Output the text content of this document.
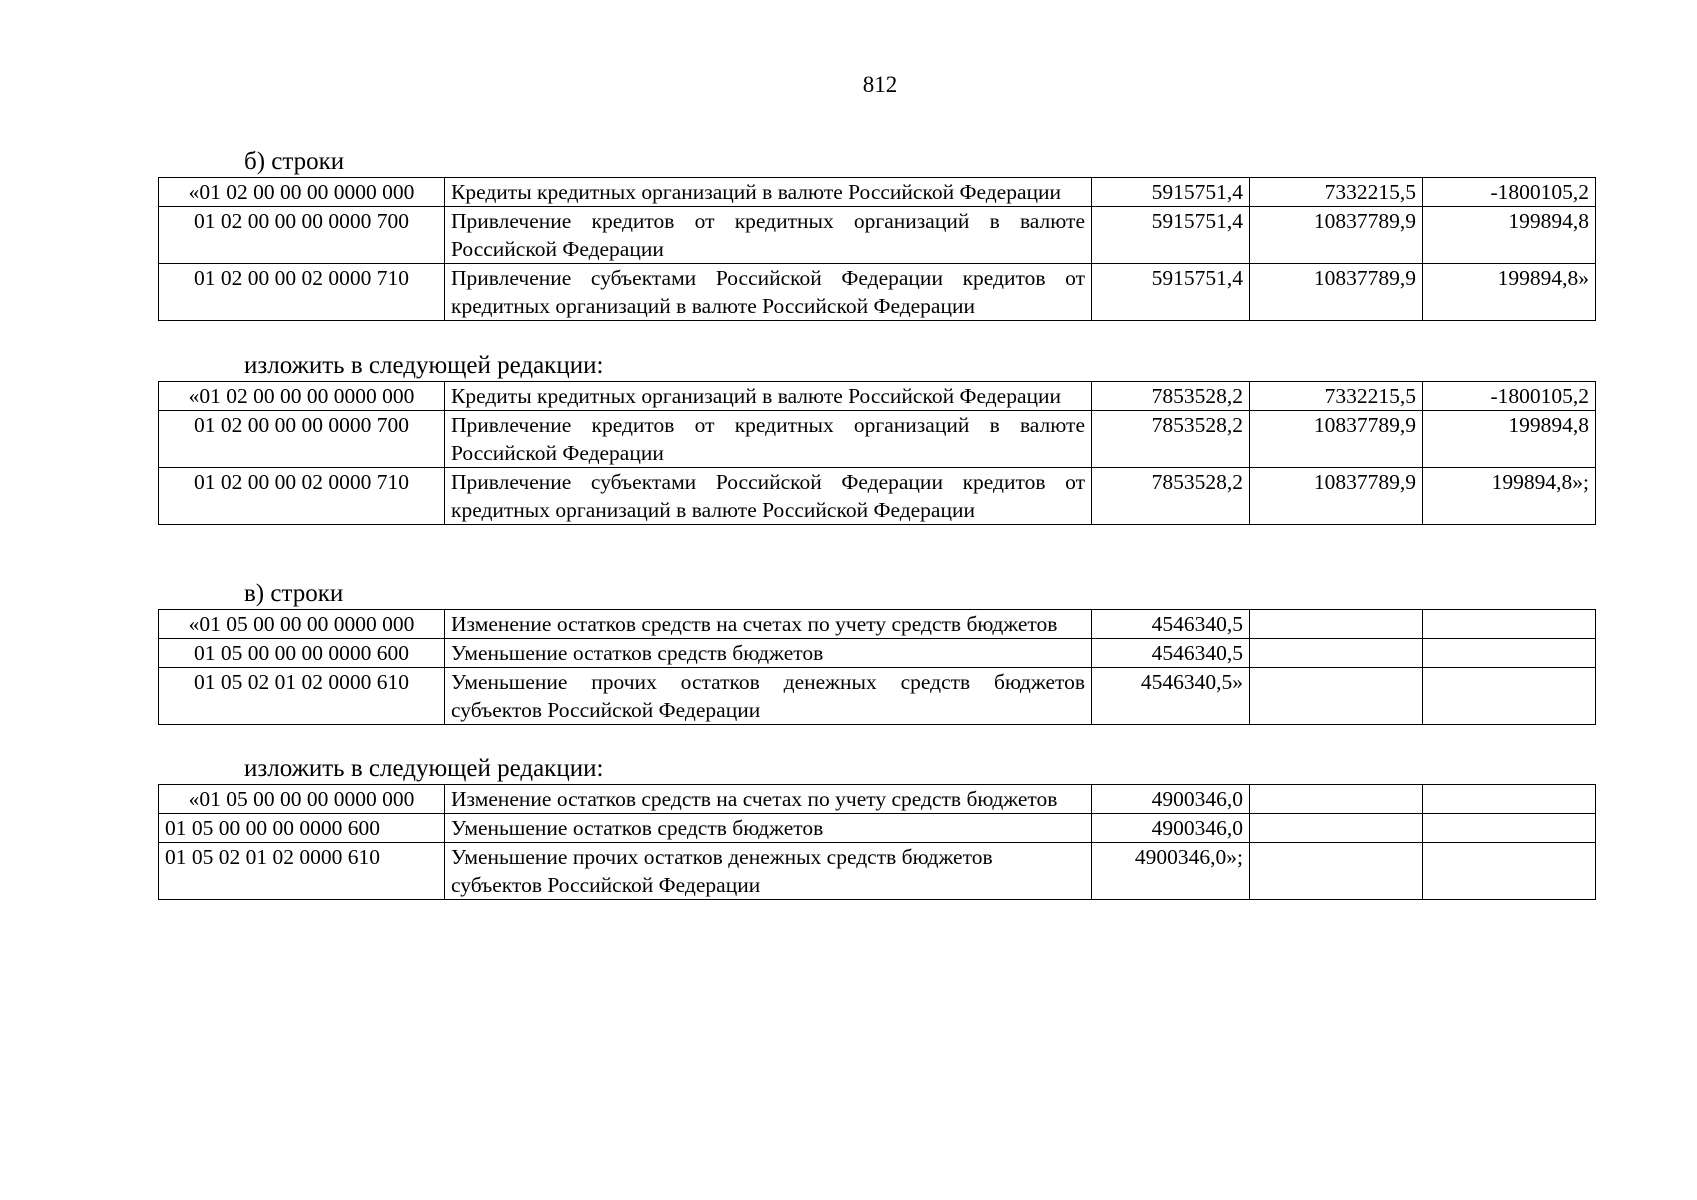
812
б) строки
«01 02 00 00 00 0000 000	Кредиты кредитных организаций в валюте Российской Федерации	5915751,4	7332215,5	-1800105,2
01 02 00 00 00 0000 700	Привлечение кредитов от кредитных организаций в валюте Российской Федерации	5915751,4	10837789,9	199894,8
01 02 00 00 02 0000 710	Привлечение субъектами Российской Федерации кредитов от кредитных организаций в валюте Российской Федерации	5915751,4	10837789,9	199894,8»
изложить в следующей редакции:
«01 02 00 00 00 0000 000	Кредиты кредитных организаций в валюте Российской Федерации	7853528,2	7332215,5	-1800105,2
01 02 00 00 00 0000 700	Привлечение кредитов от кредитных организаций в валюте Российской Федерации	7853528,2	10837789,9	199894,8
01 02 00 00 02 0000 710	Привлечение субъектами Российской Федерации кредитов от кредитных организаций в валюте Российской Федерации	7853528,2	10837789,9	199894,8»;
в) строки
«01 05 00 00 00 0000 000	Изменение остатков средств на счетах по учету средств бюджетов	4546340,5		
01 05 00 00 00 0000 600	Уменьшение остатков средств бюджетов	4546340,5		
01 05 02 01 02 0000 610	Уменьшение прочих остатков денежных средств бюджетов субъектов Российской Федерации	4546340,5»		
изложить в следующей редакции:
«01 05 00 00 00 0000 000	Изменение остатков средств на счетах по учету средств бюджетов	4900346,0		
01 05 00 00 00 0000 600	Уменьшение остатков средств бюджетов	4900346,0		
01 05 02 01 02 0000 610	Уменьшение прочих остатков денежных средств бюджетов субъектов Российской Федерации	4900346,0»;		
